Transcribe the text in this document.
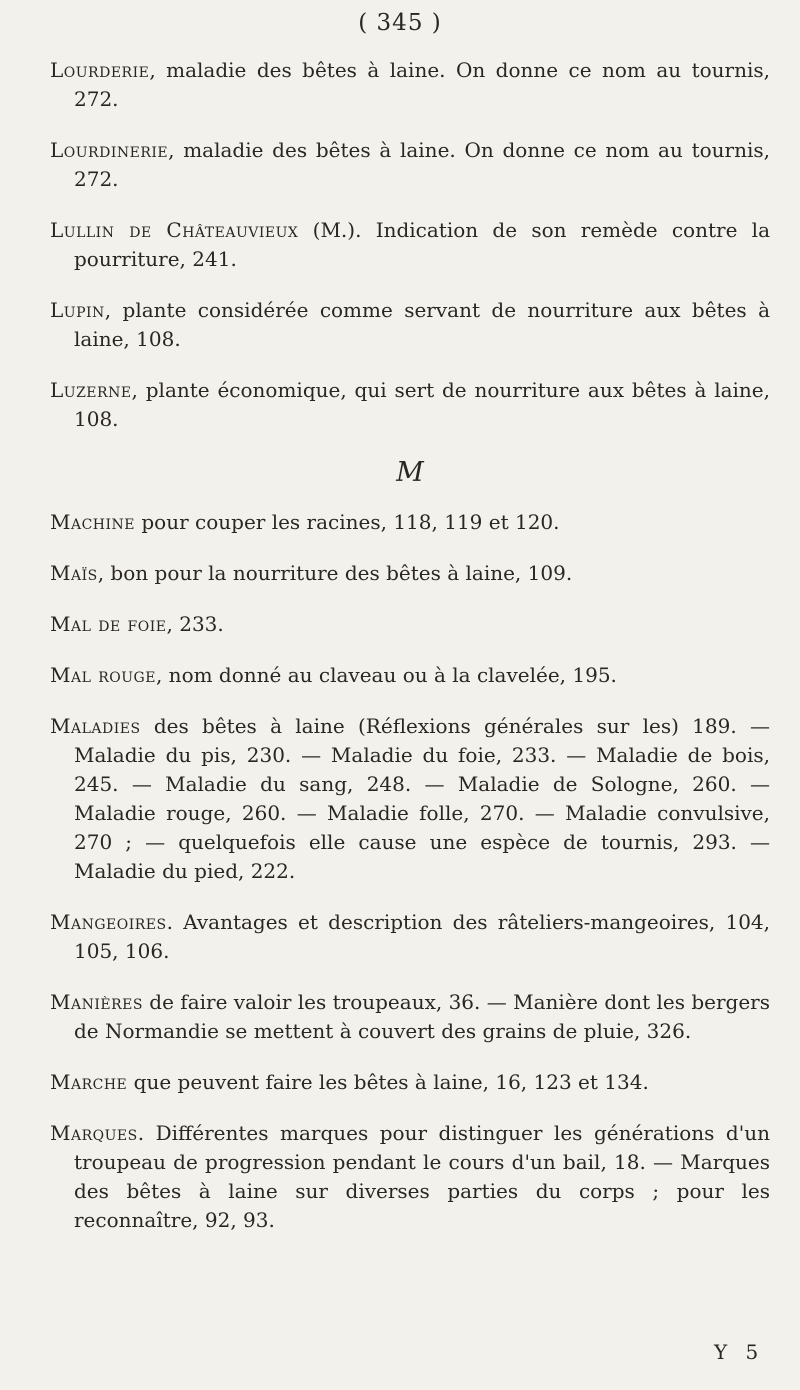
( 345 )
Lourderie, maladie des bêtes à laine. On donne ce nom au tournis, 272.
Lourdinerie, maladie des bêtes à laine. On donne ce nom au tournis, 272.
Lullin de Châteauvieux (M.). Indication de son remède contre la pourriture, 241.
Lupin, plante considérée comme servant de nourriture aux bêtes à laine, 108.
Luzerne, plante économique, qui sert de nourriture aux bêtes à laine, 108.
M
Machine pour couper les racines, 118, 119 et 120.
Maïs, bon pour la nourriture des bêtes à laine, 109.
Mal de foie, 233.
Mal rouge, nom donné au claveau ou à la clavelée, 195.
Maladies des bêtes à laine (Réflexions générales sur les) 189. — Maladie du pis, 230. — Maladie du foie, 233. — Maladie de bois, 245. — Maladie du sang, 248. — Maladie de Sologne, 260. — Maladie rouge, 260. — Maladie folle, 270. — Maladie convulsive, 270 ; — quelquefois elle cause une espèce de tournis, 293. — Maladie du pied, 222.
Mangeoires. Avantages et description des râteliers-mangeoires, 104, 105, 106.
Manières de faire valoir les troupeaux, 36. — Manière dont les bergers de Normandie se mettent à couvert des grains de pluie, 326.
Marche que peuvent faire les bêtes à laine, 16, 123 et 134.
Marques. Différentes marques pour distinguer les générations d'un troupeau de progression pendant le cours d'un bail, 18. — Marques des bêtes à laine sur diverses parties du corps ; pour les reconnaître, 92, 93.
Y 5
